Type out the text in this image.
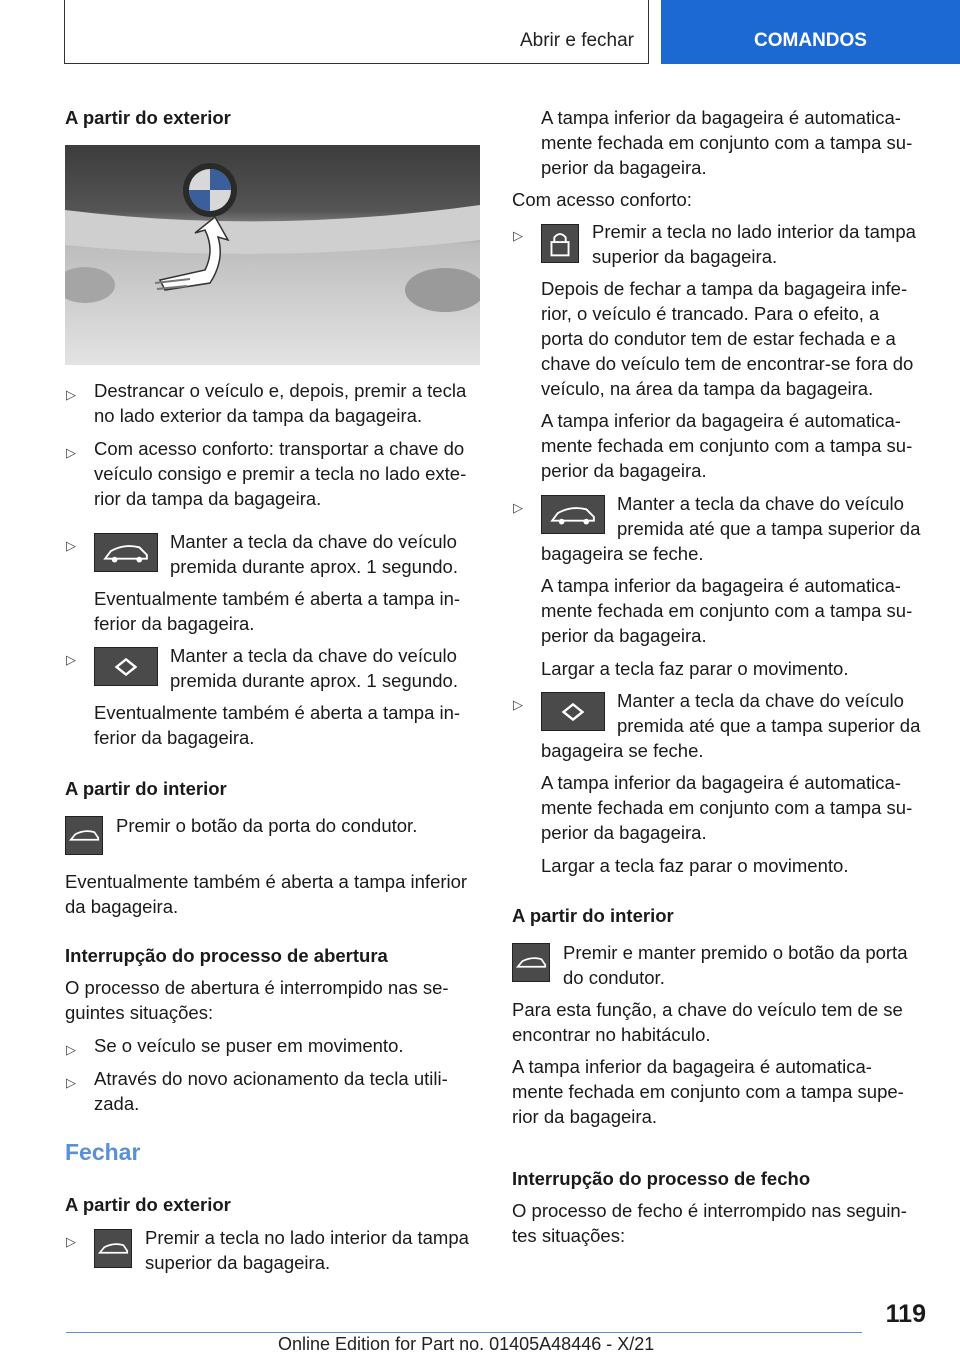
Abrir e fechar	COMANDOS
A partir do exterior
▷ Destrancar o veículo e, depois, premir a tecla
no lado exterior da tampa da bagageira.
▷ Com acesso conforto: transportar a chave do
veículo consigo e premir a tecla no lado exte-
rior da tampa da bagageira.
▷	Manter a tecla da chave do veículo
premida durante aprox. 1 segundo.
Eventualmente também é aberta a tampa in-
ferior da bagageira.
▷	Manter a tecla da chave do veículo
premida durante aprox. 1 segundo.
Eventualmente também é aberta a tampa in-
ferior da bagageira.
A partir do interior
Premir o botão da porta do condutor.
Eventualmente também é aberta a tampa inferior
da bagageira.
Interrupção do processo de abertura
O processo de abertura é interrompido nas se-
guintes situações:
▷ Se o veículo se puser em movimento.
▷ Através do novo acionamento da tecla utili-
zada.
Fechar
A partir do exterior
▷	Premir a tecla no lado interior da tampa
superior da bagageira.
A tampa inferior da bagageira é automatica-
mente fechada em conjunto com a tampa su-
perior da bagageira.
Com acesso conforto:
▷	Premir a tecla no lado interior da tampa
superior da bagageira.
Depois de fechar a tampa da bagageira infe-
rior, o veículo é trancado. Para o efeito, a
porta do condutor tem de estar fechada e a
chave do veículo tem de encontrar-se fora do
veículo, na área da tampa da bagageira.
A tampa inferior da bagageira é automatica-
mente fechada em conjunto com a tampa su-
perior da bagageira.
▷	Manter a tecla da chave do veículo
premida até que a tampa superior da
bagageira se feche.
A tampa inferior da bagageira é automatica-
mente fechada em conjunto com a tampa su-
perior da bagageira.
Largar a tecla faz parar o movimento.
▷	Manter a tecla da chave do veículo
premida até que a tampa superior da
bagageira se feche.
A tampa inferior da bagageira é automatica-
mente fechada em conjunto com a tampa su-
perior da bagageira.
Largar a tecla faz parar o movimento.
A partir do interior
Premir e manter premido o botão da porta
do condutor.
Para esta função, a chave do veículo tem de se
encontrar no habitáculo.
A tampa inferior da bagageira é automatica-
mente fechada em conjunto com a tampa supe-
rior da bagageira.
Interrupção do processo de fecho
O processo de fecho é interrompido nas seguin-
tes situações:
119
Online Edition for Part no. 01405A48446 - X/21
